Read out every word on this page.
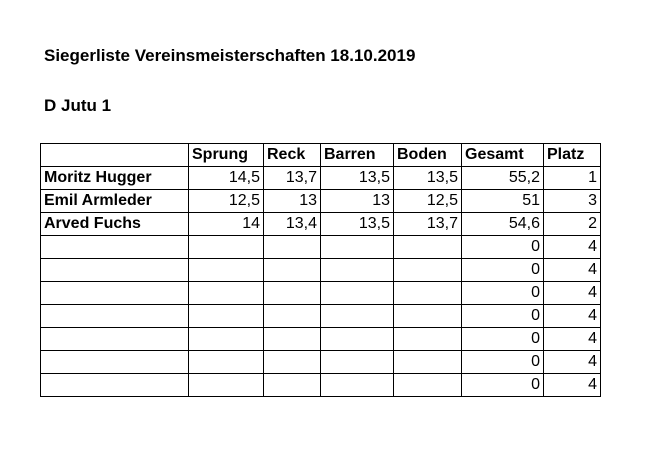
Siegerliste Vereinsmeisterschaften 18.10.2019
D Jutu 1
	Sprung	Reck	Barren	Boden	Gesamt	Platz
Moritz Hugger	14,5	13,7	13,5	13,5	55,2	1
Emil Armleder	12,5	13	13	12,5	51	3
Arved Fuchs	14	13,4	13,5	13,7	54,6	2
					0	4
					0	4
					0	4
					0	4
					0	4
					0	4
					0	4
